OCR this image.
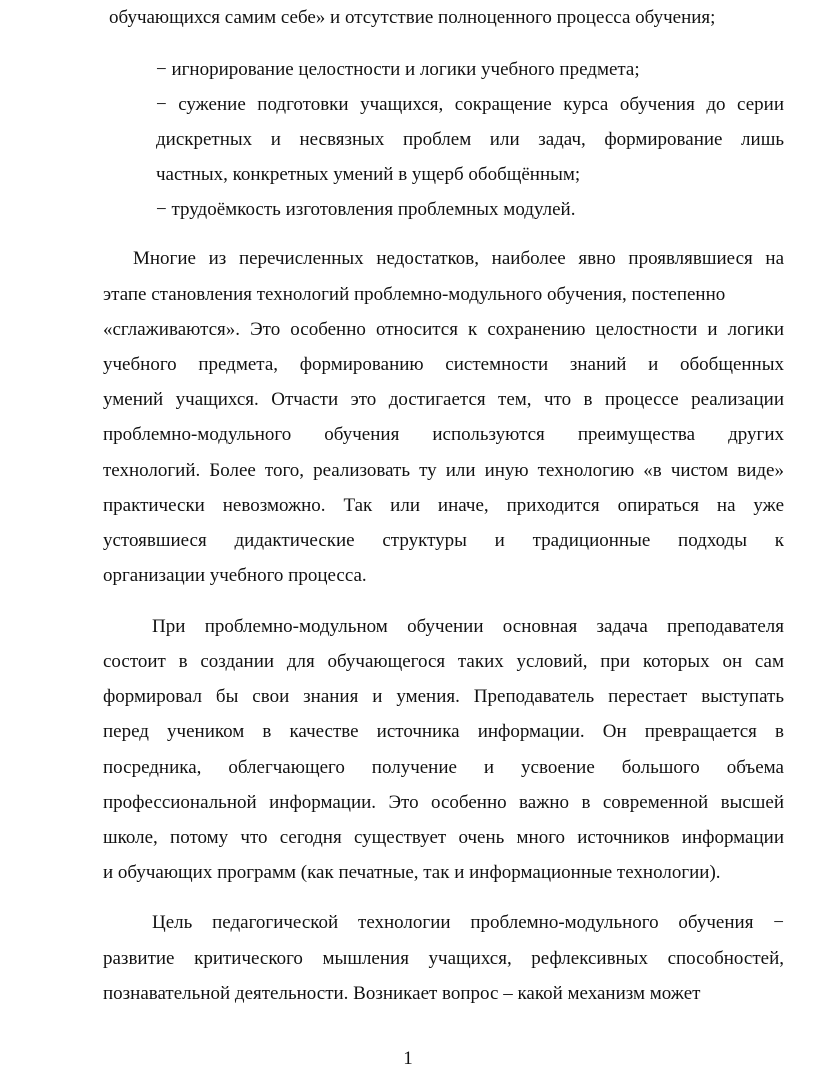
обучающихся самим себе» и отсутствие полноценного процесса обучения;
− игнорирование целостности и логики учебного предмета;
− сужение подготовки учащихся, сокращение курса обучения до серии
дискретных и несвязных проблем или задач, формирование лишь
частных, конкретных умений в ущерб обобщённым;
− трудоёмкость изготовления проблемных модулей.
Многие из перечисленных недостатков, наиболее явно проявлявшиеся на
этапе становления технологий проблемно-модульного обучения, постепенно
«сглаживаются». Это особенно относится к сохранению целостности и логики
учебного предмета, формированию системности знаний и обобщенных
умений учащихся. Отчасти это достигается тем, что в процессе реализации
проблемно-модульного обучения используются преимущества других
технологий. Более того, реализовать ту или иную технологию «в чистом виде»
практически невозможно. Так или иначе, приходится опираться на уже
устоявшиеся дидактические структуры и традиционные подходы к
организации учебного процесса.
При проблемно-модульном обучении основная задача преподавателя
состоит в создании для обучающегося таких условий, при которых он сам
формировал бы свои знания и умения. Преподаватель перестает выступать
перед учеником в качестве источника информации. Он превращается в
посредника, облегчающего получение и усвоение большого объема
профессиональной информации. Это особенно важно в современной высшей
школе, потому что сегодня существует очень много источников информации
и обучающих программ (как печатные, так и информационные технологии).
Цель педагогической технологии проблемно-модульного обучения −
развитие критического мышления учащихся, рефлексивных способностей,
познавательной деятельности. Возникает вопрос – какой механизм может
1
